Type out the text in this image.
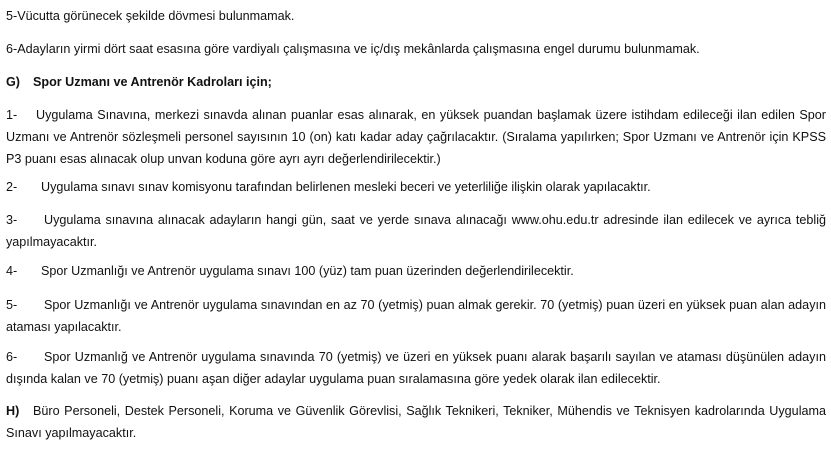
5-Vücutta görünecek şekilde dövmesi bulunmamak.

6-Adayların yirmi dört saat esasına göre vardiyalı çalışmasına ve iç/dış mekânlarda çalışmasına engel durumu bulunmamak.

G) Spor Uzmanı ve Antrenör Kadroları için;

1- Uygulama Sınavına, merkezi sınavda alınan puanlar esas alınarak, en yüksek puandan başlamak üzere istihdam edileceği ilan edilen Spor Uzmanı ve Antrenör sözleşmeli personel sayısının 10 (on) katı kadar aday çağrılacaktır. (Sıralama yapılırken; Spor Uzmanı ve Antrenör için KPSS P3 puanı esas alınacak olup unvan koduna göre ayrı ayrı değerlendirilecektir.)

2- Uygulama sınavı sınav komisyonu tarafından belirlenen mesleki beceri ve yeterliliğe ilişkin olarak yapılacaktır.

3- Uygulama sınavına alınacak adayların hangi gün, saat ve yerde sınava alınacağı www.ohu.edu.tr adresinde ilan edilecek ve ayrıca tebliğ yapılmayacaktır.

4- Spor Uzmanlığı ve Antrenör uygulama sınavı 100 (yüz) tam puan üzerinden değerlendirilecektir.

5- Spor Uzmanlığı ve Antrenör uygulama sınavından en az 70 (yetmiş) puan almak gerekir. 70 (yetmiş) puan üzeri en yüksek puan alan adayın ataması yapılacaktır.

6- Spor Uzmanlığ ve Antrenör uygulama sınavında 70 (yetmiş) ve üzeri en yüksek puanı alarak başarılı sayılan ve ataması düşünülen adayın dışında kalan ve 70 (yetmiş) puanı aşan diğer adaylar uygulama puan sıralamasına göre yedek olarak ilan edilecektir.

H) Büro Personeli, Destek Personeli, Koruma ve Güvenlik Görevlisi, Sağlık Teknikeri, Tekniker, Mühendis ve Teknisyen kadrolarında Uygulama Sınavı yapılmayacaktır.
